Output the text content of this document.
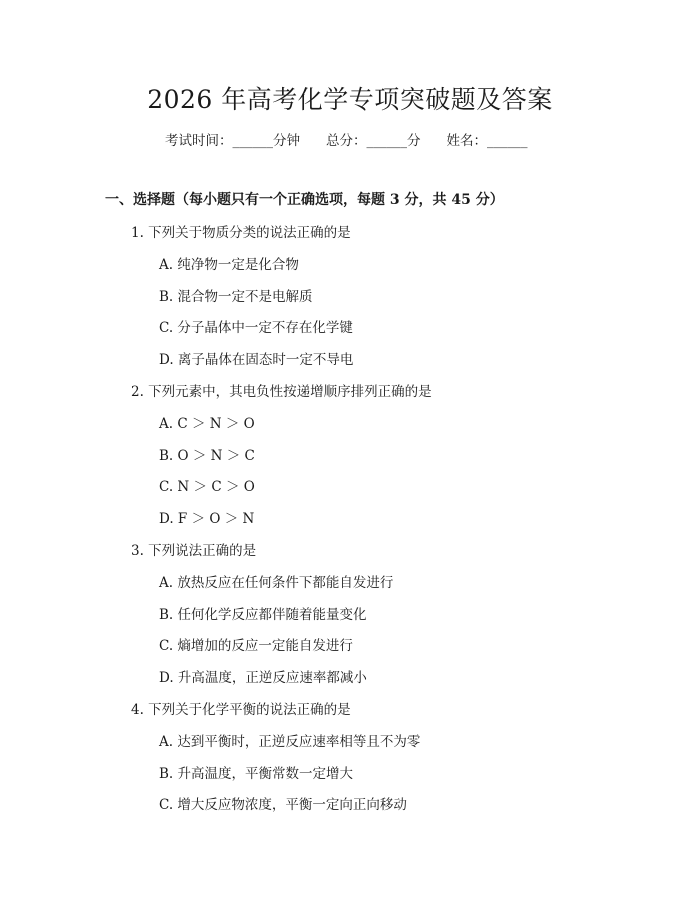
2026 年高考化学专项突破题及答案
考试时间：______分钟 总分：______分 姓名：______
一、选择题（每小题只有一个正确选项，每题 3 分，共 45 分）
1. 下列关于物质分类的说法正确的是
A. 纯净物一定是化合物
B. 混合物一定不是电解质
C. 分子晶体中一定不存在化学键
D. 离子晶体在固态时一定不导电
2. 下列元素中，其电负性按递增顺序排列正确的是
A. C ＞ N ＞ O
B. O ＞ N ＞ C
C. N ＞ C ＞ O
D. F ＞ O ＞ N
3. 下列说法正确的是
A. 放热反应在任何条件下都能自发进行
B. 任何化学反应都伴随着能量变化
C. 熵增加的反应一定能自发进行
D. 升高温度，正逆反应速率都减小
4. 下列关于化学平衡的说法正确的是
A. 达到平衡时，正逆反应速率相等且不为零
B. 升高温度，平衡常数一定增大
C. 增大反应物浓度，平衡一定向正向移动
